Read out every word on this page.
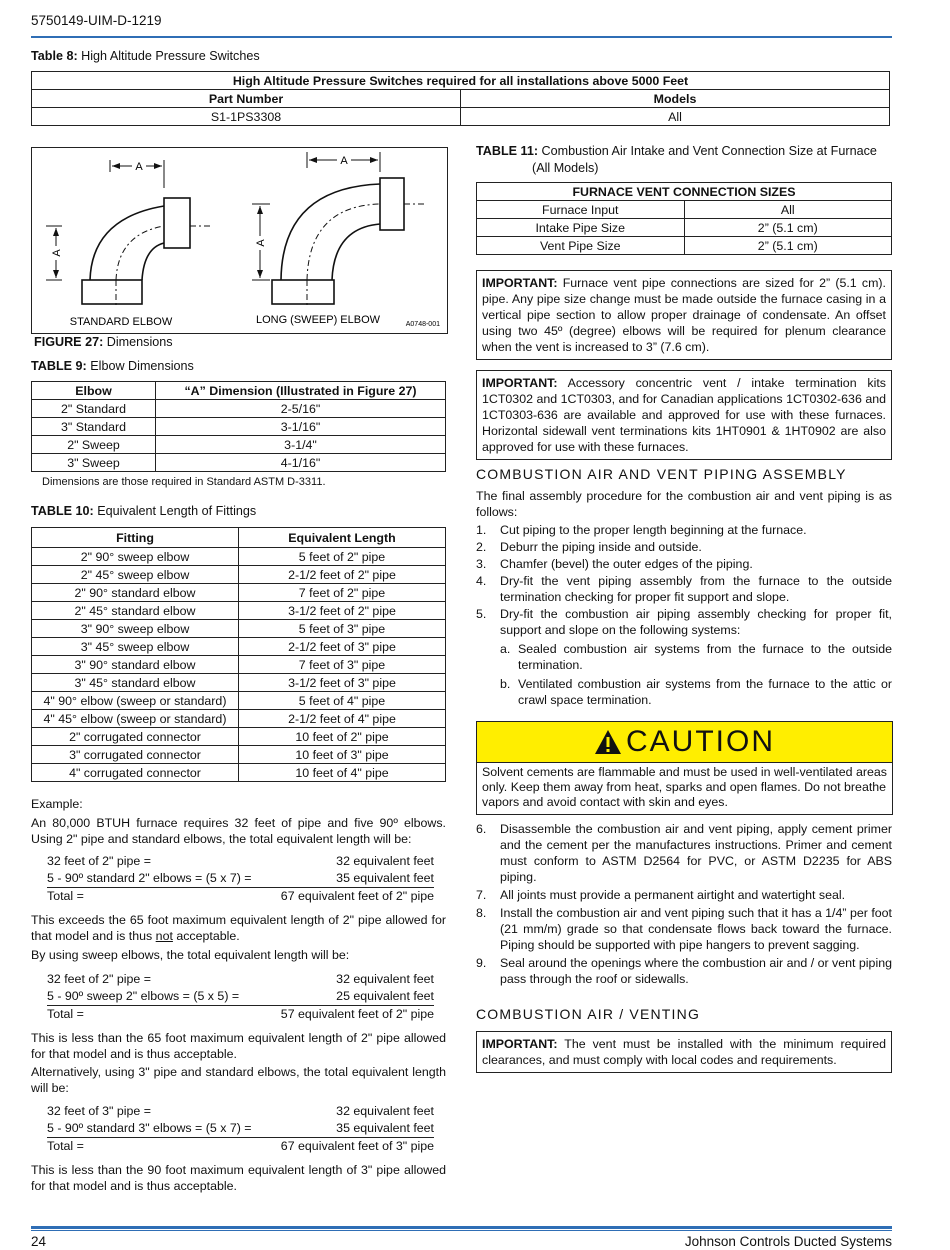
5750149-UIM-D-1219
Table 8: High Altitude Pressure Switches
High Altitude Pressure Switches required for all installations above 5000 Feet	
Part Number	Models
S1-1PS3308	All
A
A
A
A
STANDARD ELBOW	LONG (SWEEP) ELBOW	A0748-001
FIGURE 27: Dimensions
TABLE 9: Elbow Dimensions
Elbow	“A” Dimension (Illustrated in Figure 27)
2" Standard	2-5/16"
3" Standard	3-1/16"
2" Sweep	3-1/4"
3" Sweep	4-1/16"
Dimensions are those required in Standard ASTM D-3311.
TABLE 10: Equivalent Length of Fittings
Fitting	Equivalent Length
2" 90° sweep elbow	5 feet of 2" pipe
2" 45° sweep elbow	2-1/2 feet of 2" pipe
2" 90° standard elbow	7 feet of 2" pipe
2" 45° standard elbow	3-1/2 feet of 2" pipe
3" 90° sweep elbow	5 feet of 3" pipe
3" 45° sweep elbow	2-1/2 feet of 3" pipe
3" 90° standard elbow	7 feet of 3" pipe
3" 45° standard elbow	3-1/2 feet of 3" pipe
4" 90° elbow (sweep or standard)	5 feet of 4" pipe
4" 45° elbow (sweep or standard)	2-1/2 feet of 4" pipe
2" corrugated connector	10 feet of 2" pipe
3" corrugated connector	10 feet of 3" pipe
4" corrugated connector	10 feet of 4" pipe
Example:
An 80,000 BTUH furnace requires 32 feet of pipe and five 90º elbows. Using 2" pipe and standard elbows, the total equivalent length will be:
32 feet of 2" pipe =	32 equivalent feet
5 - 90º standard 2" elbows = (5 x 7) =	35 equivalent feet
Total =	67 equivalent feet of 2" pipe
This exceeds the 65 foot maximum equivalent length of 2" pipe allowed for that model and is thus not acceptable.
By using sweep elbows, the total equivalent length will be:
32 feet of 2" pipe =	32 equivalent feet
5 - 90º sweep 2" elbows = (5 x 5) =	25 equivalent feet
Total =	57 equivalent feet of 2" pipe
This is less than the 65 foot maximum equivalent length of 2" pipe allowed for that model and is thus acceptable.
Alternatively, using 3" pipe and standard elbows, the total equivalent length will be:
32 feet of 3" pipe =	32 equivalent feet
5 - 90º standard 3" elbows = (5 x 7) =	35 equivalent feet
Total =	67 equivalent feet of 3" pipe
This is less than the 90 foot maximum equivalent length of 3" pipe allowed for that model and is thus acceptable.
TABLE 11: Combustion Air Intake and Vent Connection Size at Furnace
(All Models)
FURNACE VENT CONNECTION SIZES	
Furnace Input	All
Intake Pipe Size	2” (5.1 cm)
Vent Pipe Size	2” (5.1 cm)
IMPORTANT: Furnace vent pipe connections are sized for 2” (5.1 cm). pipe. Any pipe size change must be made outside the furnace casing in a vertical pipe section to allow proper drainage of condensate. An offset using two 45º (degree) elbows will be required for plenum clearance when the vent is increased to 3” (7.6 cm).
IMPORTANT: Accessory concentric vent / intake termination kits 1CT0302 and 1CT0303, and for Canadian applications 1CT0302-636 and 1CT0303-636 are available and approved for use with these furnaces. Horizontal sidewall vent terminations kits 1HT0901 & 1HT0902 are also approved for use with these furnaces.
COMBUSTION AIR AND VENT PIPING ASSEMBLY
The final assembly procedure for the combustion air and vent piping is as follows:
1.	Cut piping to the proper length beginning at the furnace.
2.	Deburr the piping inside and outside.
3.	Chamfer (bevel) the outer edges of the piping.
4.	Dry-fit the vent piping assembly from the furnace to the outside termination checking for proper fit support and slope.
5.	Dry-fit the combustion air piping assembly checking for proper fit, support and slope on the following systems:
a. Sealed combustion air systems from the furnace to the outside termination.
b. Ventilated combustion air systems from the furnace to the attic or crawl space termination.
CAUTION
Solvent cements are flammable and must be used in well-ventilated areas only. Keep them away from heat, sparks and open flames. Do not breathe vapors and avoid contact with skin and eyes.
6.	Disassemble the combustion air and vent piping, apply cement primer and the cement per the manufactures instructions. Primer and cement must conform to ASTM D2564 for PVC, or ASTM D2235 for ABS piping.
7.	All joints must provide a permanent airtight and watertight seal.
8.	Install the combustion air and vent piping such that it has a 1/4” per foot (21 mm/m) grade so that condensate flows back toward the furnace. Piping should be supported with pipe hangers to prevent sagging.
9.	Seal around the openings where the combustion air and / or vent piping pass through the roof or sidewalls.
COMBUSTION AIR / VENTING
IMPORTANT: The vent must be installed with the minimum required clearances, and must comply with local codes and requirements.
24	Johnson Controls Ducted Systems
